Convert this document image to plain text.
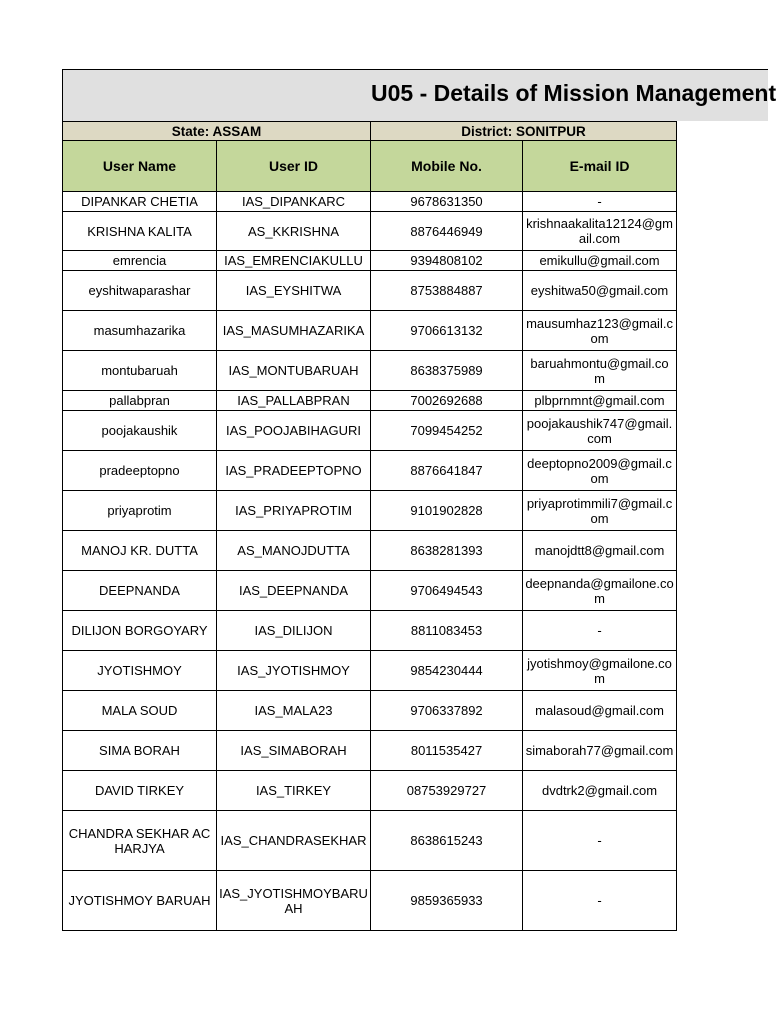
U05 - Details of Mission Management
State: ASSAM		District: SONITPUR	
User Name	User ID	Mobile No.	E-mail ID
DIPANKAR CHETIA	IAS_DIPANKARC	9678631350	-
KRISHNA KALITA	AS_KKRISHNA	8876446949	krishnaakalita12124@gmail.com
emrencia	IAS_EMRENCIAKULLU	9394808102	emikullu@gmail.com
eyshitwaparashar	IAS_EYSHITWA	8753884887	eyshitwa50@gmail.com
masumhazarika	IAS_MASUMHAZARIKA	9706613132	mausumhaz123@gmail.com
montubaruah	IAS_MONTUBARUAH	8638375989	baruahmontu@gmail.com
pallabpran	IAS_PALLABPRAN	7002692688	plbprnmnt@gmail.com
poojakaushik	IAS_POOJABIHAGURI	7099454252	poojakaushik747@gmail.com
pradeeptopno	IAS_PRADEEPTOPNO	8876641847	deeptopno2009@gmail.com
priyaprotim	IAS_PRIYAPROTIM	9101902828	priyaprotimmili7@gmail.com
MANOJ KR. DUTTA	AS_MANOJDUTTA	8638281393	manojdtt8@gmail.com
DEEPNANDA	IAS_DEEPNANDA	9706494543	deepnanda@gmailone.com
DILIJON BORGOYARY	IAS_DILIJON	8811083453	-
JYOTISHMOY	IAS_JYOTISHMOY	9854230444	jyotishmoy@gmailone.com
MALA SOUD	IAS_MALA23	9706337892	malasoud@gmail.com
SIMA BORAH	IAS_SIMABORAH	8011535427	simaborah77@gmail.com
DAVID TIRKEY	IAS_TIRKEY	08753929727	dvdtrk2@gmail.com
CHANDRA SEKHAR ACHARJYA	IAS_CHANDRASEKHAR	8638615243	-
JYOTISHMOY BARUAH	IAS_JYOTISHMOYBARUAH	9859365933	-
